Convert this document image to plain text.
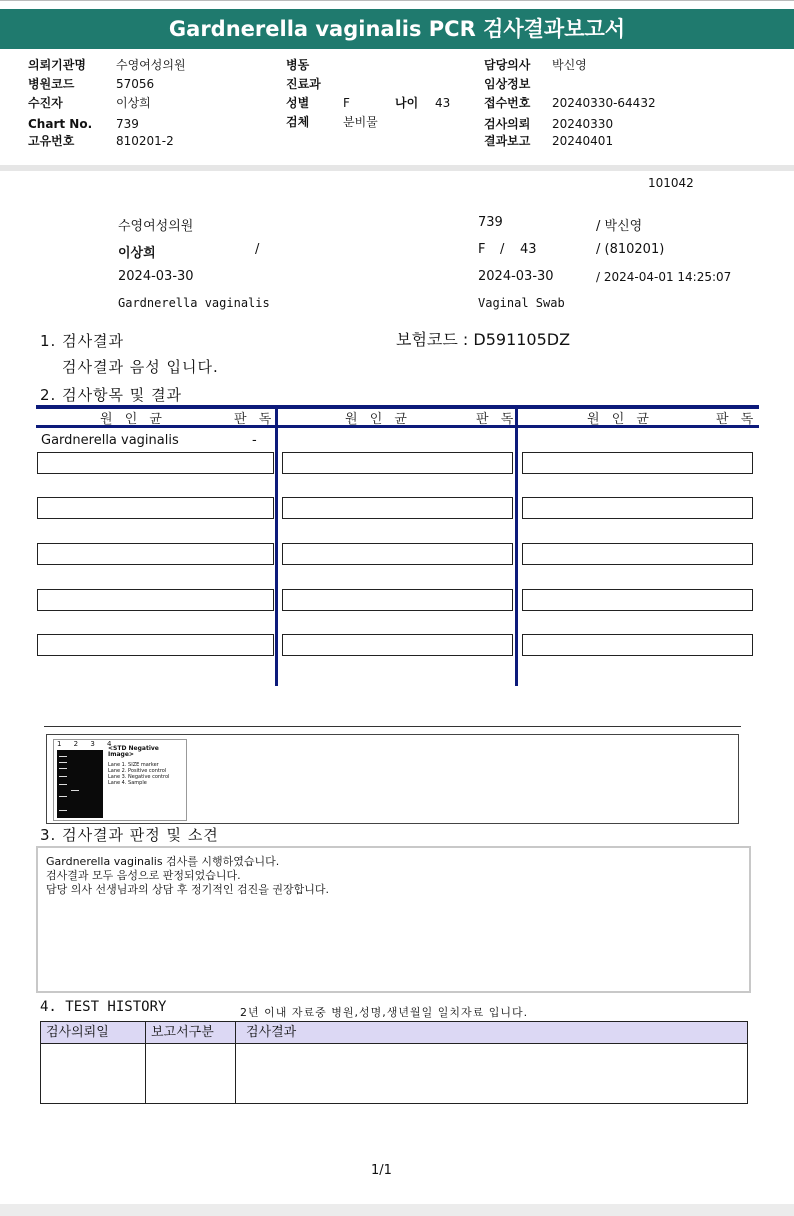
Gardnerella vaginalis PCR 검사결과보고서
의뢰기관명	수영여성의원
병원코드	57056
수진자	이상희
Chart No. 739
고유번호	810201-2
병동
진료과
성별	F	나이 43
검체	분비물
담당의사 박신영
임상정보
접수번호 20240330-64432
검사의뢰 20240330
결과보고 20240401
101042
수영여성의원	739	/ 박신영
이상희	/	F / 43	/ (810201)
2024-03-30	2024-03-30	/ 2024-04-01 14:25:07
Gardnerella vaginalis	Vaginal Swab
1. 검사결과	보험코드 : D591105DZ
검사결과 음성 입니다.
2. 검사항목 및 결과
원 인 균	판 독	원 인 균	판 독	원 인 균	판 독
Gardnerella vaginalis	-
1 2 3 4
<STD Negative Image>
Lane 1. SIZE marker
Lane 2. Positive control
Lane 3. Negative control
Lane 4. Sample
3. 검사결과 판정 및 소견
Gardnerella vaginalis 검사를 시행하였습니다.
검사결과 모두 음성으로 판정되었습니다.
담당 의사 선생님과의 상담 후 정기적인 검진을 권장합니다.
4. TEST HISTORY	2년 이내 자료중 병원,성명,생년월일 일치자료 입니다.
검사의뢰일	보고서구분 검사결과
1/1
